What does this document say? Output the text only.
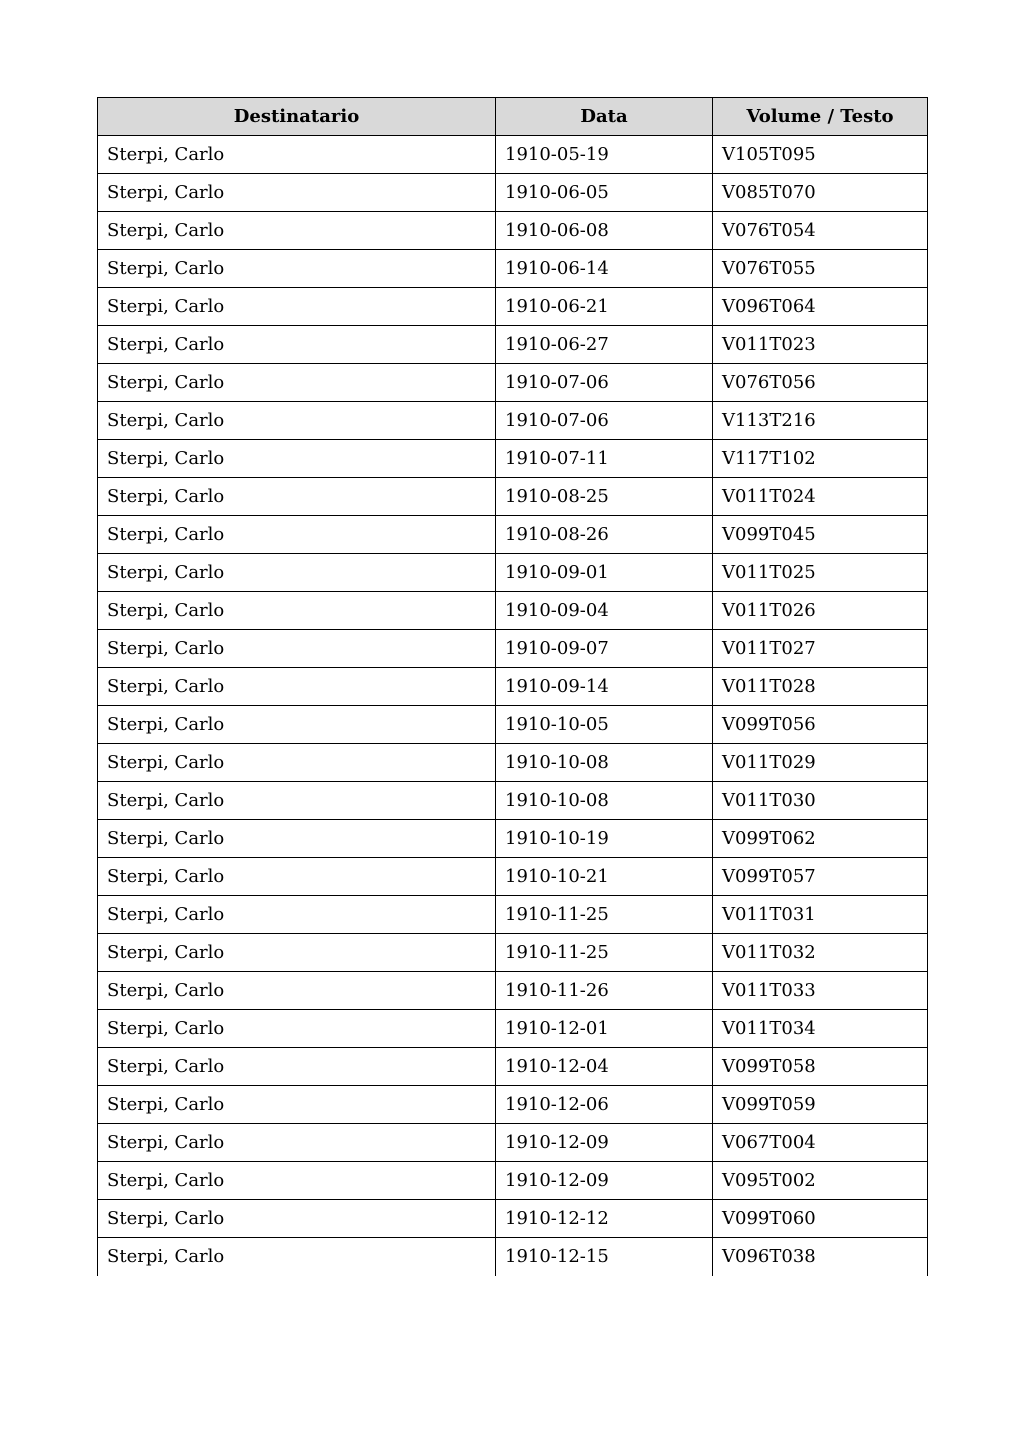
Destinatario	Data	Volume / Testo
Sterpi, Carlo	1910-05-19	V105T095
Sterpi, Carlo	1910-06-05	V085T070
Sterpi, Carlo	1910-06-08	V076T054
Sterpi, Carlo	1910-06-14	V076T055
Sterpi, Carlo	1910-06-21	V096T064
Sterpi, Carlo	1910-06-27	V011T023
Sterpi, Carlo	1910-07-06	V076T056
Sterpi, Carlo	1910-07-06	V113T216
Sterpi, Carlo	1910-07-11	V117T102
Sterpi, Carlo	1910-08-25	V011T024
Sterpi, Carlo	1910-08-26	V099T045
Sterpi, Carlo	1910-09-01	V011T025
Sterpi, Carlo	1910-09-04	V011T026
Sterpi, Carlo	1910-09-07	V011T027
Sterpi, Carlo	1910-09-14	V011T028
Sterpi, Carlo	1910-10-05	V099T056
Sterpi, Carlo	1910-10-08	V011T029
Sterpi, Carlo	1910-10-08	V011T030
Sterpi, Carlo	1910-10-19	V099T062
Sterpi, Carlo	1910-10-21	V099T057
Sterpi, Carlo	1910-11-25	V011T031
Sterpi, Carlo	1910-11-25	V011T032
Sterpi, Carlo	1910-11-26	V011T033
Sterpi, Carlo	1910-12-01	V011T034
Sterpi, Carlo	1910-12-04	V099T058
Sterpi, Carlo	1910-12-06	V099T059
Sterpi, Carlo	1910-12-09	V067T004
Sterpi, Carlo	1910-12-09	V095T002
Sterpi, Carlo	1910-12-12	V099T060
Sterpi, Carlo	1910-12-15	V096T038
